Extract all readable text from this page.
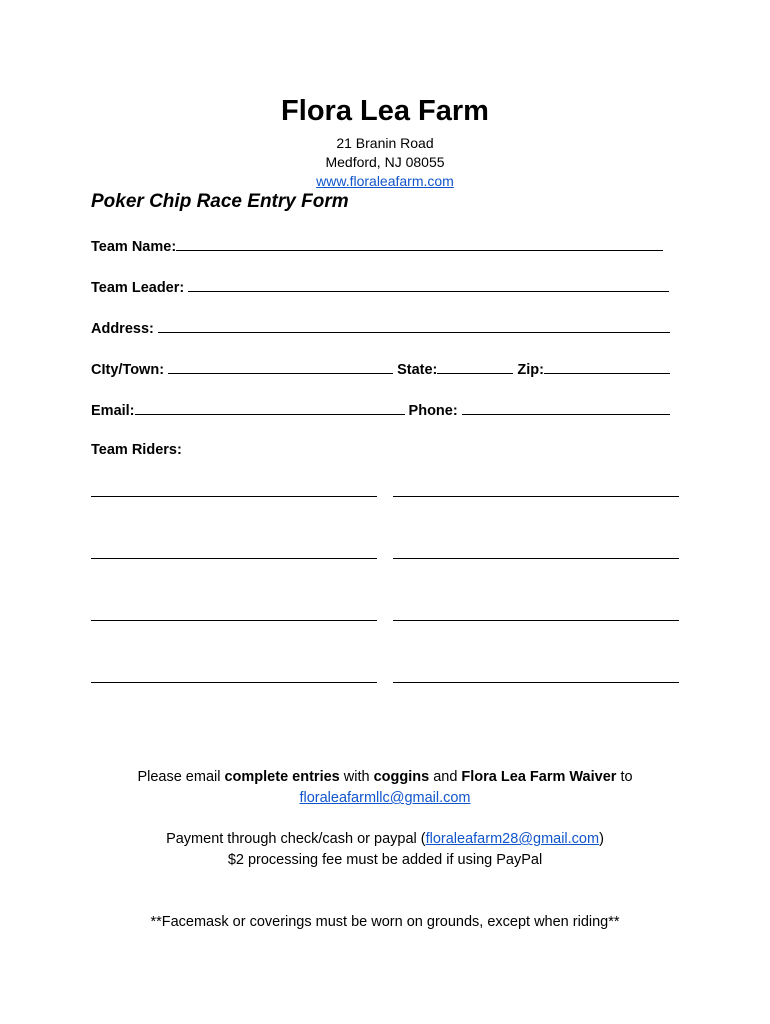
Flora Lea Farm
21 Branin Road
Medford, NJ 08055
www.floraleafarm.com
Poker Chip Race Entry Form
Team Name:
Team Leader:
Address:
CIty/Town:	State:	Zip:
Email:	Phone:
Team Riders:
Please email complete entries with coggins and Flora Lea Farm Waiver to
floraleafarmllc@gmail.com
Payment through check/cash or paypal (floraleafarm28@gmail.com)
$2 processing fee must be added if using PayPal
**Facemask or coverings must be worn on grounds, except when riding**
